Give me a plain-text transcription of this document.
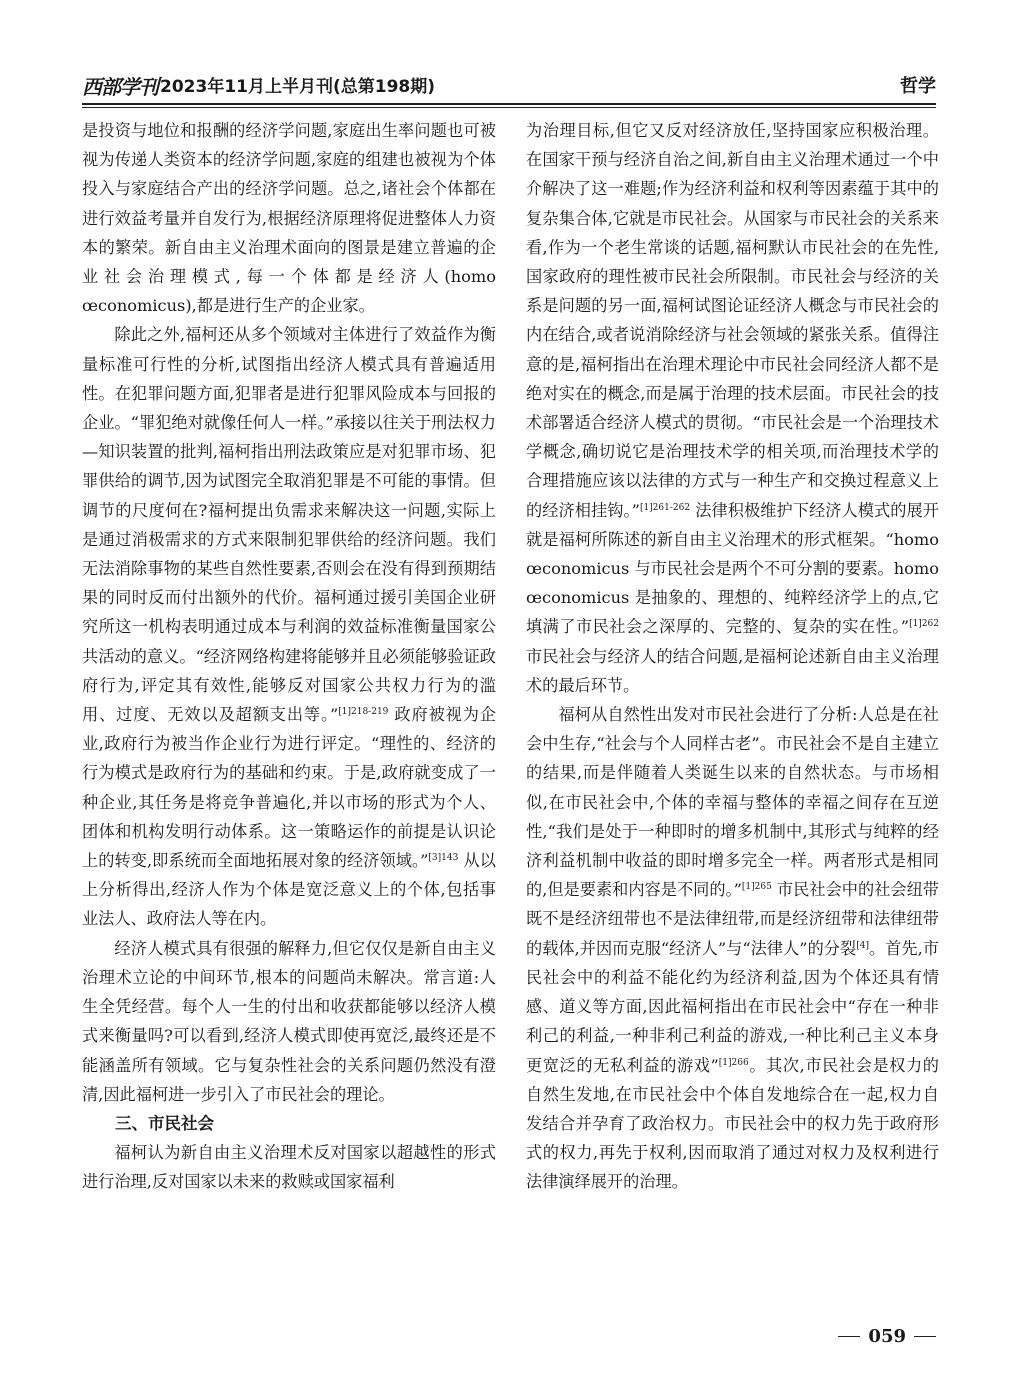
西部学刊 2023年11月上半月刊(总第198期)	哲学

是投资与地位和报酬的经济学问题,家庭出生率问题也可被视为传递人类资本的经济学问题,家庭的组建也被视为个体投入与家庭结合产出的经济学问题。总之,诸社会个体都在进行效益考量并自发行为,根据经济原理将促进整体人力资本的繁荣。新自由主义治理术面向的图景是建立普遍的企业社会治理模式,每一个体都是经济人(homo œconomicus),都是进行生产的企业家。

除此之外,福柯还从多个领域对主体进行了效益作为衡量标准可行性的分析,试图指出经济人模式具有普遍适用性。在犯罪问题方面,犯罪者是进行犯罪风险成本与回报的企业。“罪犯绝对就像任何人一样。”承接以往关于刑法权力—知识装置的批判,福柯指出刑法政策应是对犯罪市场、犯罪供给的调节,因为试图完全取消犯罪是不可能的事情。但调节的尺度何在?福柯提出负需求来解决这一问题,实际上是通过消极需求的方式来限制犯罪供给的经济问题。我们无法消除事物的某些自然性要素,否则会在没有得到预期结果的同时反而付出额外的代价。福柯通过援引美国企业研究所这一机构表明通过成本与利润的效益标准衡量国家公共活动的意义。“经济网络构建将能够并且必须能够验证政府行为,评定其有效性,能够反对国家公共权力行为的滥用、过度、无效以及超额支出等。”$^{[1]218-219}$ 政府被视为企业,政府行为被当作企业行为进行评定。“理性的、经济的行为模式是政府行为的基础和约束。于是,政府就变成了一种企业,其任务是将竞争普遍化,并以市场的形式为个人、团体和机构发明行动体系。这一策略运作的前提是认识论上的转变,即系统而全面地拓展对象的经济领域。”$^{[3]143}$ 从以上分析得出,经济人作为个体是宽泛意义上的个体,包括事业法人、政府法人等在内。

经济人模式具有很强的解释力,但它仅仅是新自由主义治理术立论的中间环节,根本的问题尚未解决。常言道:人生全凭经营。每个人一生的付出和收获都能够以经济人模式来衡量吗?可以看到,经济人模式即使再宽泛,最终还是不能涵盖所有领域。它与复杂性社会的关系问题仍然没有澄清,因此福柯进一步引入了市民社会的理论。

三、市民社会

福柯认为新自由主义治理术反对国家以超越性的形式进行治理,反对国家以未来的救赎或国家福利

为治理目标,但它又反对经济放任,坚持国家应积极治理。在国家干预与经济自治之间,新自由主义治理术通过一个中介解决了这一难题;作为经济利益和权利等因素蕴于其中的复杂集合体,它就是市民社会。从国家与市民社会的关系来看,作为一个老生常谈的话题,福柯默认市民社会的在先性,国家政府的理性被市民社会所限制。市民社会与经济的关系是问题的另一面,福柯试图论证经济人概念与市民社会的内在结合,或者说消除经济与社会领域的紧张关系。值得注意的是,福柯指出在治理术理论中市民社会同经济人都不是绝对实在的概念,而是属于治理的技术层面。市民社会的技术部署适合经济人模式的贯彻。“市民社会是一个治理技术学概念,确切说它是治理技术学的相关项,而治理技术学的合理措施应该以法律的方式与一种生产和交换过程意义上的经济相挂钩。”$^{[1]261-262}$ 法律积极维护下经济人模式的展开就是福柯所陈述的新自由主义治理术的形式框架。“homo œconomicus 与市民社会是两个不可分割的要素。homo œconomicus 是抽象的、理想的、纯粹经济学上的点,它填满了市民社会之深厚的、完整的、复杂的实在性。”$^{[1]262}$ 市民社会与经济人的结合问题,是福柯论述新自由主义治理术的最后环节。

福柯从自然性出发对市民社会进行了分析:人总是在社会中生存,“社会与个人同样古老”。市民社会不是自主建立的结果,而是伴随着人类诞生以来的自然状态。与市场相似,在市民社会中,个体的幸福与整体的幸福之间存在互逆性,“我们是处于一种即时的增多机制中,其形式与纯粹的经济利益机制中收益的即时增多完全一样。两者形式是相同的,但是要素和内容是不同的。”$^{[1]265}$ 市民社会中的社会纽带既不是经济纽带也不是法律纽带,而是经济纽带和法律纽带的载体,并因而克服“经济人”与“法律人”的分裂[4]。首先,市民社会中的利益不能化约为经济利益,因为个体还具有情感、道义等方面,因此福柯指出在市民社会中“存在一种非利己的利益,一种非利己利益的游戏,一种比利己主义本身更宽泛的无私利益的游戏”$^{[1]266}$。其次,市民社会是权力的自然生发地,在市民社会中个体自发地综合在一起,权力自发结合并孕育了政治权力。市民社会中的权力先于政府形式的权力,再先于权利,因而取消了通过对权力及权利进行法律演绎展开的治理。

059
